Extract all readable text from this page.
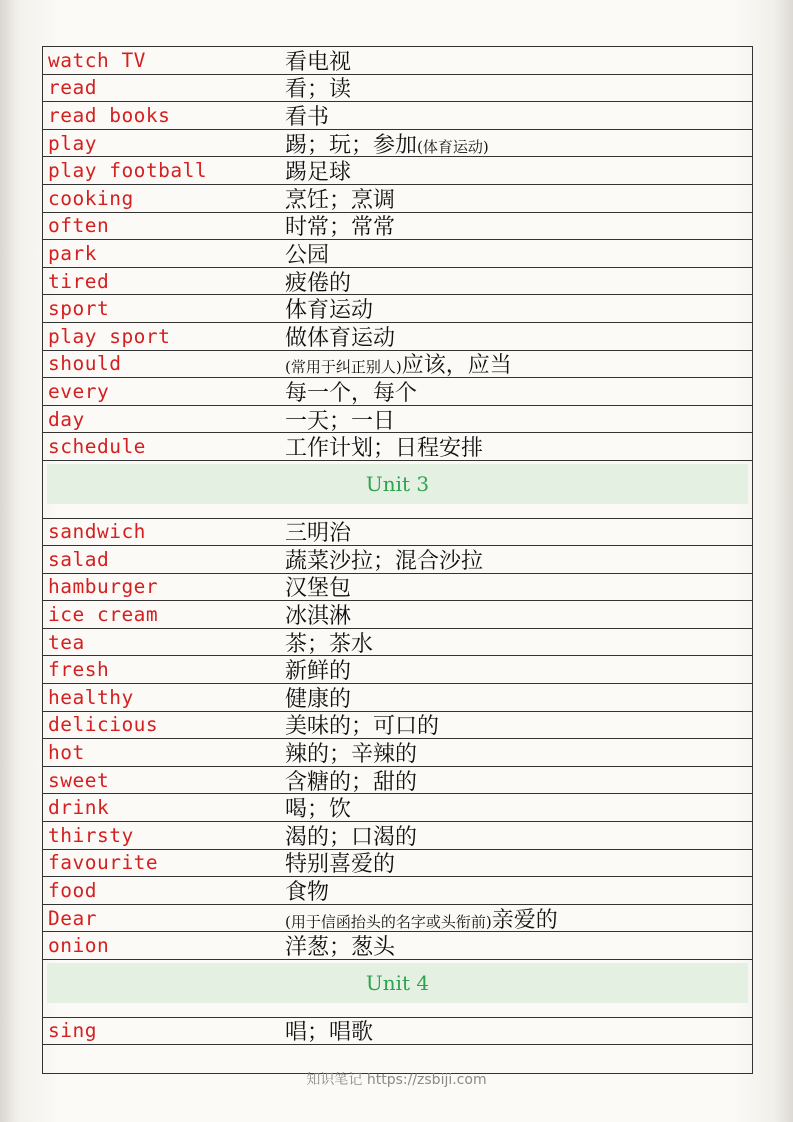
watch TV	看电视
read	看；读
read books	看书
play	踢；玩；参加(体育运动)
play football	踢足球
cooking	烹饪；烹调
often	时常；常常
park	公园
tired	疲倦的
sport	体育运动
play sport	做体育运动
should	(常用于纠正别人)应该，应当
every	每一个，每个
day	一天；一日
schedule	工作计划；日程安排
Unit 3
sandwich	三明治
salad	蔬菜沙拉；混合沙拉
hamburger	汉堡包
ice cream	冰淇淋
tea	茶；茶水
fresh	新鲜的
healthy	健康的
delicious	美味的；可口的
hot	辣的；辛辣的
sweet	含糖的；甜的
drink	喝；饮
thirsty	渴的；口渴的
favourite	特别喜爱的
food	食物
Dear	(用于信函抬头的名字或头衔前)亲爱的
onion	洋葱；葱头
Unit 4
sing	唱；唱歌
知识笔记 https://zsbiji.com
